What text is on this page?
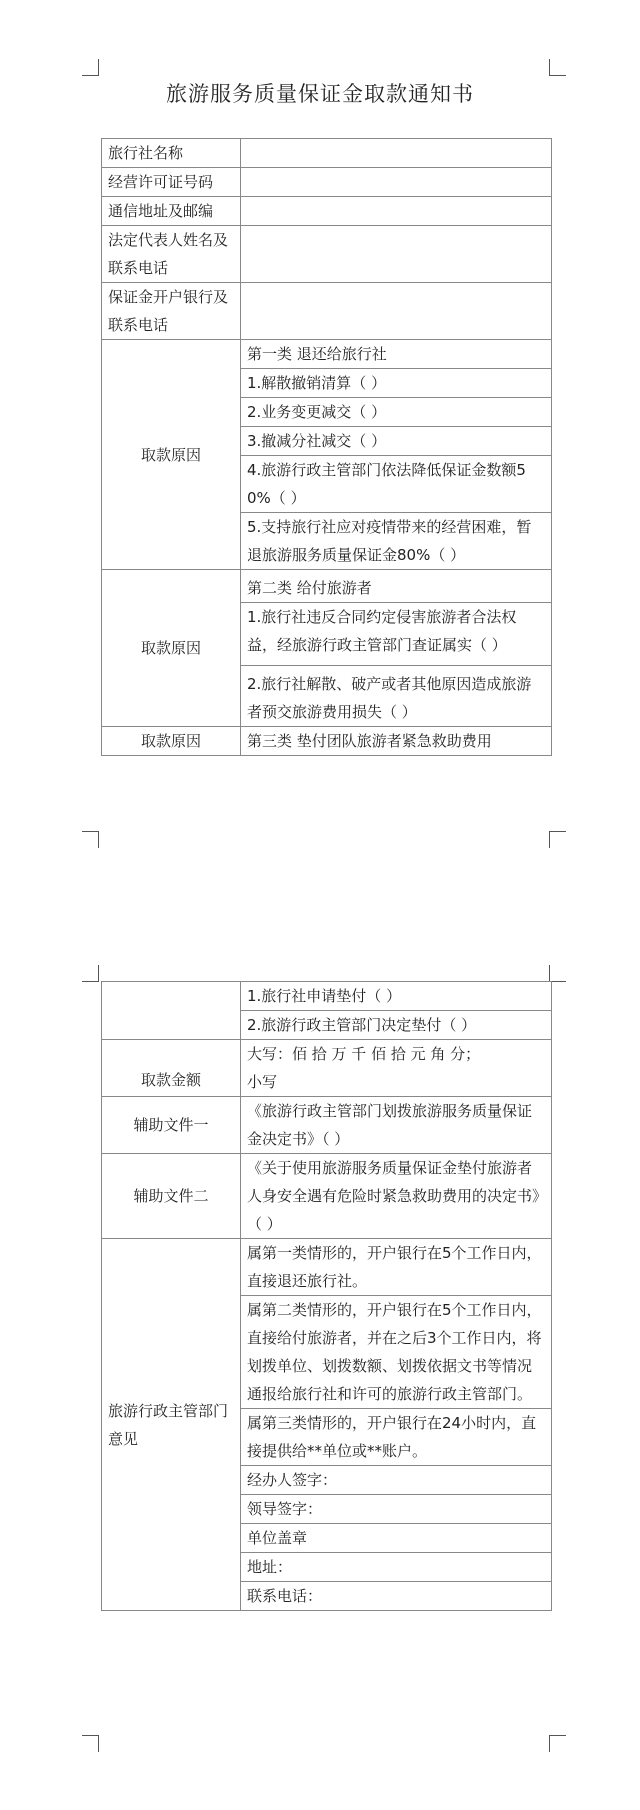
旅游服务质量保证金取款通知书
旅行社名称	
经营许可证号码	
通信地址及邮编	
法定代表人姓名及联系电话	
保证金开户银行及联系电话	
取款原因	第一类 退还给旅行社
	1.解散撤销清算（ ）
	2.业务变更减交（ ）
	3.撤减分社减交（ ）
	4.旅游行政主管部门依法降低保证金数额50%（ ）
	5.支持旅行社应对疫情带来的经营困难，暂退旅游服务质量保证金80%（ ）
取款原因	第二类 给付旅游者
	1.旅行社违反合同约定侵害旅游者合法权益，经旅游行政主管部门查证属实（ ）
	2.旅行社解散、破产或者其他原因造成旅游者预交旅游费用损失（ ）
取款原因	第三类 垫付团队旅游者紧急救助费用
	1.旅行社申请垫付（ ）
	2.旅游行政主管部门决定垫付（ ）
取款金额	大写：佰 拾 万 千 佰 拾 元 角 分；
小写

辅助文件一	《旅游行政主管部门划拨旅游服务质量保证金决定书》（ ）
辅助文件二	《关于使用旅游服务质量保证金垫付旅游者人身安全遇有危险时紧急救助费用的决定书》（ ）
旅游行政主管部门意见	属第一类情形的，开户银行在5个工作日内，直接退还旅行社。
	属第二类情形的，开户银行在5个工作日内，直接给付旅游者，并在之后3个工作日内，将划拨单位、划拨数额、划拨依据文书等情况通报给旅行社和许可的旅游行政主管部门。
	属第三类情形的，开户银行在24小时内，直接提供给**单位或**账户。
	经办人签字：
	领导签字：
	单位盖章
	地址：
	联系电话：
